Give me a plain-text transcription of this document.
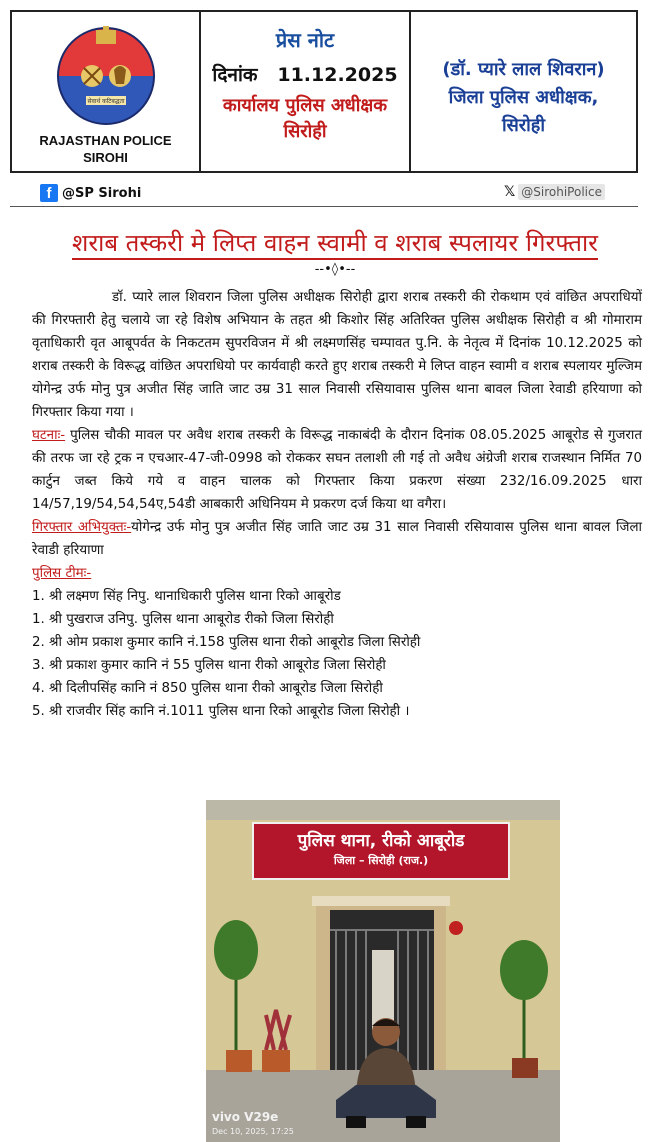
सेवार्थ कटिबद्धता
RAJASTHAN POLICE
SIROHI
प्रेस नोट
दिनांक 11.12.2025
कार्यालय पुलिस अधीक्षक
सिरोही
(डॉ. प्यारे लाल शिवरान)
जिला पुलिस अधीक्षक,
सिरोही
f @SP Sirohi	𝕏 @SirohiPolice
शराब तस्करी मे लिप्त वाहन स्वामी व शराब स्पलायर गिरफ्तार
--•◊•--

डॉ. प्यारे लाल शिवरान जिला पुलिस अधीक्षक सिरोही द्वारा शराब तस्करी की रोकथाम एवं वांछित अपराधियों की गिरफ्तारी हेतु चलाये जा रहे विशेष अभियान के तहत श्री किशोर सिंह अतिरिक्त पुलिस अधीक्षक सिरोही व श्री गोमाराम वृताधिकारी वृत आबूपर्वत के निकटतम सुपरविजन में श्री लक्ष्मणसिंह चम्पावत पु.नि. के नेतृत्व में दिनांक 10.12.2025 को शराब तस्करी के विरूद्ध वांछित अपराधियो पर कार्यवाही करते हुए शराब तस्करी मे लिप्त वाहन स्वामी व शराब स्पलायर मुल्जिम योगेन्द्र उर्फ मोनु पुत्र अजीत सिंह जाति जाट उम्र 31 साल निवासी रसियावास पुलिस थाना बावल जिला रेवाडी हरियाणा को गिरफ्तार किया गया ।

घटनाः- पुलिस चौकी मावल पर अवैध शराब तस्करी के विरूद्ध नाकाबंदी के दौरान दिनांक 08.05.2025 आबूरोड से गुजरात की तरफ जा रहे ट्रक न एचआर-47-जी-0998 को रोककर सघन तलाशी ली गई तो अवैध अंग्रेजी शराब राजस्थान निर्मित 70 कार्टुन जब्त किये गये व वाहन चालक को गिरफ्तार किया प्रकरण संख्या 232/16.09.2025 धारा 14/57,19/54,54,54ए,54डी आबकारी अधिनियम मे प्रकरण दर्ज किया था वगैरा।

गिरफ्तार अभियुक्तः-योगेन्द्र उर्फ मोनु पुत्र अजीत सिंह जाति जाट उम्र 31 साल निवासी रसियावास पुलिस थाना बावल जिला रेवाडी हरियाणा

पुलिस टीमः-
1. श्री लक्ष्मण सिंह निपु. थानाधिकारी पुलिस थाना रिको आबूरोड
1. श्री पुखराज उनिपु. पुलिस थाना आबूरोड रीको जिला सिरोही
2. श्री ओम प्रकाश कुमार कानि नं.158 पुलिस थाना रीको आबूरोड जिला सिरोही
3. श्री प्रकाश कुमार कानि नं 55 पुलिस थाना रीको आबूरोड जिला सिरोही
4. श्री दिलीपसिंह कानि नं 850 पुलिस थाना रीको आबूरोड जिला सिरोही
5. श्री राजवीर सिंह कानि नं.1011 पुलिस थाना रिको आबूरोड जिला सिरोही ।
पुलिस थाना, रीको आबूरोड
जिला – सिरोही (राज.)
vivo V29e
Dec 10, 2025, 17:25
